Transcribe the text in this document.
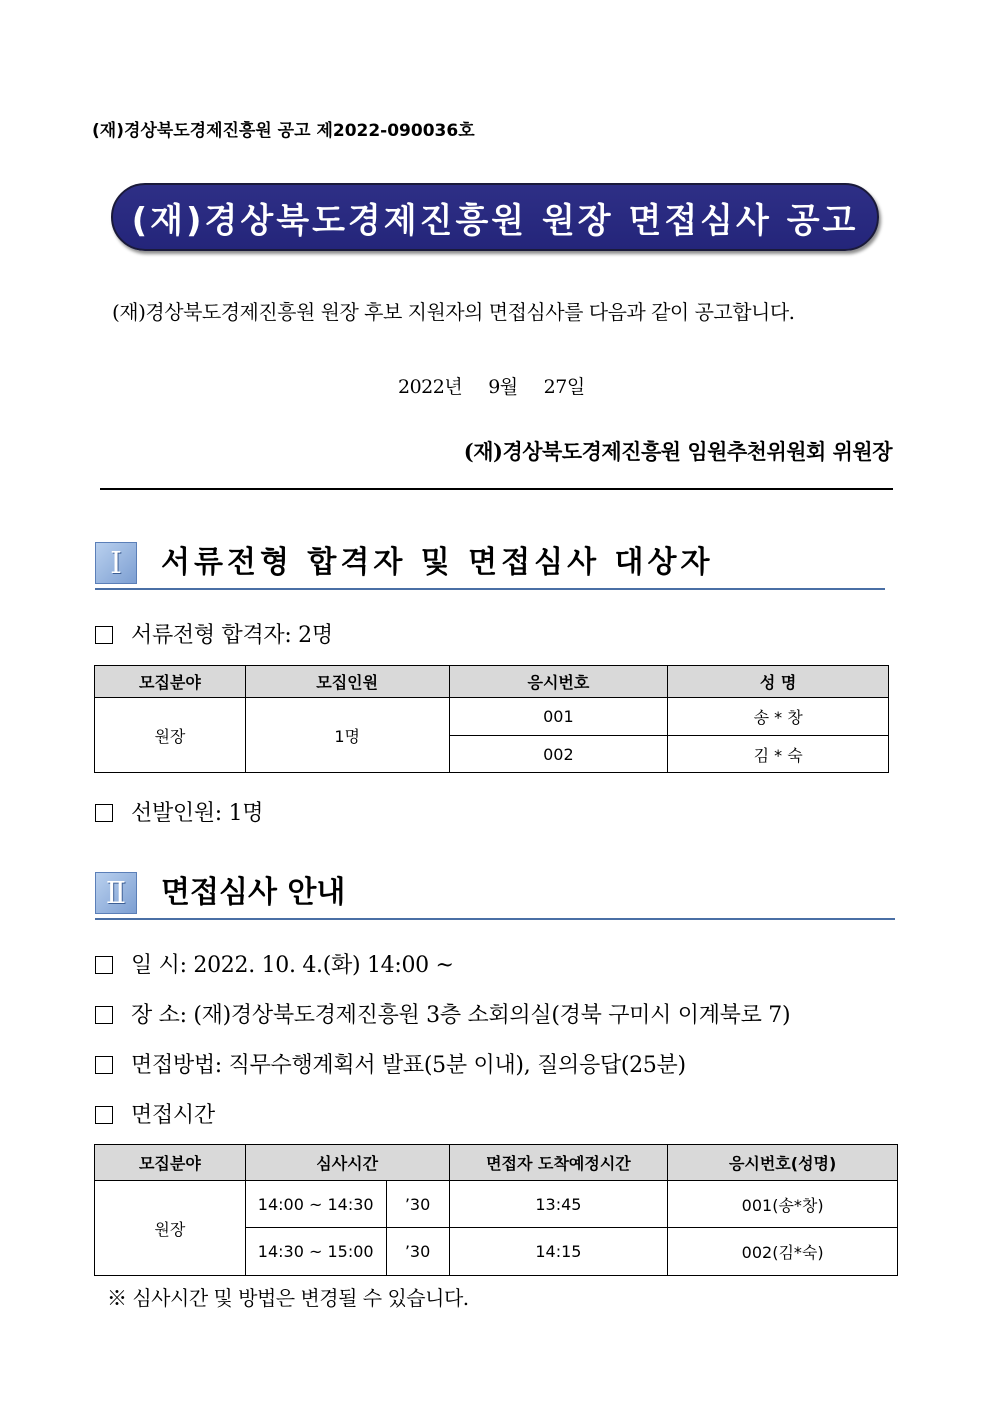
(재)경상북도경제진흥원 공고 제2022-090036호
(재)경상북도경제진흥원 원장 면접심사 공고
(재)경상북도경제진흥원 원장 후보 지원자의 면접심사를 다음과 같이 공고합니다.
2022년 9월 27일
(재)경상북도경제진흥원 임원추천위원회 위원장
Ⅰ	서류전형 합격자 및 면접심사 대상자
서류전형 합격자: 2명
모집분야	모집인원	응시번호	성 명
원장	1명	001	송 * 창
		002	김 * 숙
선발인원: 1명
Ⅱ	면접심사 안내
일 시: 2022. 10. 4.(화) 14:00 ~
장 소: (재)경상북도경제진흥원 3층 소회의실(경북 구미시 이계북로 7)
면접방법: 직무수행계획서 발표(5분 이내), 질의응답(25분)
면접시간
모집분야	심사시간		면접자 도착예정시간	응시번호(성명)
원장	14:00 ~ 14:30	’30	13:45	001(송*창)
	14:30 ~ 15:00	’30	14:15	002(김*숙)
※ 심사시간 및 방법은 변경될 수 있습니다.
